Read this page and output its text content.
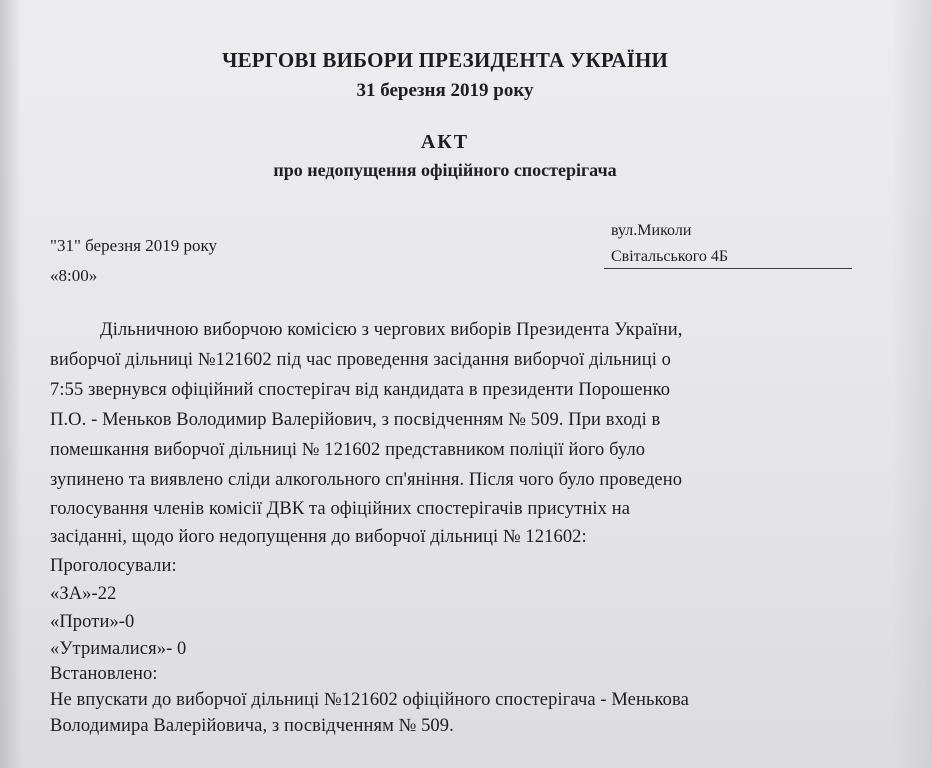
ЧЕРГОВІ ВИБОРИ ПРЕЗИДЕНТА УКРАЇНИ
31 березня 2019 року
АКТ
про недопущення офіційного спостерігача
"31" березня 2019 року
«8:00»
вул.Миколи
Світальського 4Б
Дільничною виборчою комісією з чергових виборів Президента України,
виборчої дільниці №121602 під час проведення засідання виборчої дільниці о
7:55 звернувся офіційний спостерігач від кандидата в президенти Порошенко
П.О. - Меньков Володимир Валерійович, з посвідченням № 509. При вході в
помешкання виборчої дільниці № 121602 представником поліції його було
зупинено та виявлено сліди алкогольного сп'яніння. Після чого було проведено
голосування членів комісії ДВК та офіційних спостерігачів присутніх на
засіданні, щодо його недопущення до виборчої дільниці № 121602:
Проголосували:
«ЗА»-22
«Проти»-0
«Утрималися»- 0
Встановлено:
Не впускати до виборчої дільниці №121602 офіційного спостерігача - Менькова
Володимира Валерійовича, з посвідченням № 509.
